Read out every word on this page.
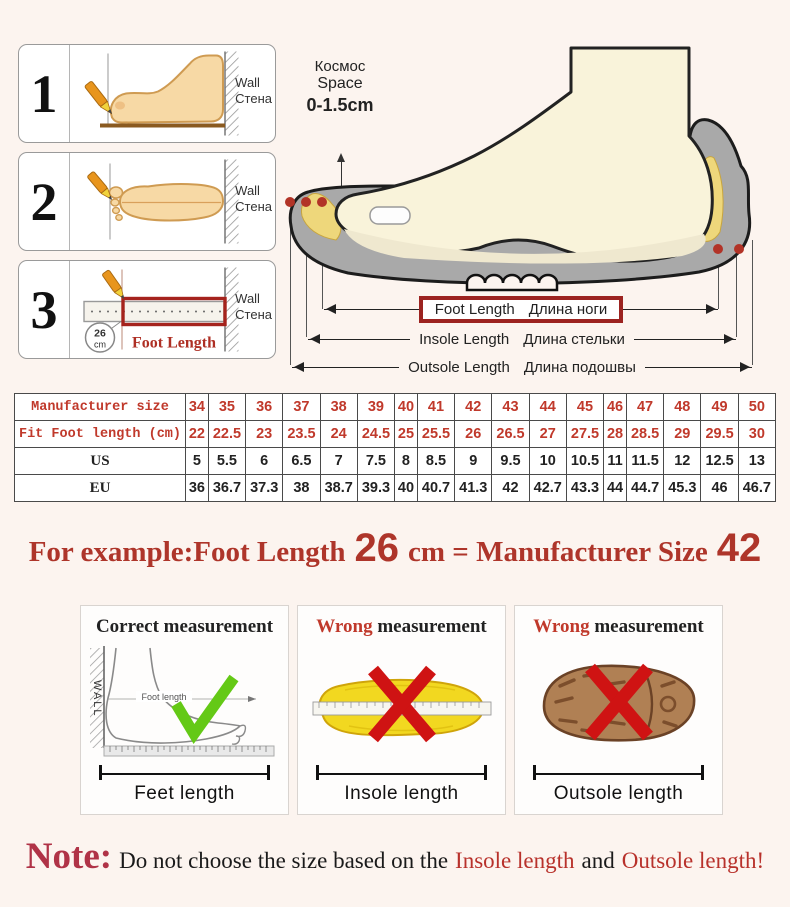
1	Wall
Стена
2	Wall
Стена
3	26
cm Foot Length
Wall
Стена
Космос
Space
0-1.5cm
Foot Length Длина ноги
Insole Length Длина стельки
Outsole Length Длина подошвы
Manufacturer size	34	35	36	37	38	39	40	41	42	43	44	45	46	47	48	49	50
Fit Foot length (cm)	22	22.5	23	23.5	24	24.5	25	25.5	26	26.5	27	27.5	28	28.5	29	29.5	30
US	5	5.5	6	6.5	7	7.5	8	8.5	9	9.5	10	10.5	11	11.5	12	12.5	13
EU	36	36.7	37.3	38	38.7	39.3	40	40.7	41.3	42	42.7	43.3	44	44.7	45.3	46	46.7
For example:Foot Length 26 cm = Manufacturer Size 42
Correct measurement
WALL	Foot length
Feet length
Wrong measurement
Insole length
Wrong measurement
Outsole length
Note: Do not choose the size based on the Insole length and Outsole length!
